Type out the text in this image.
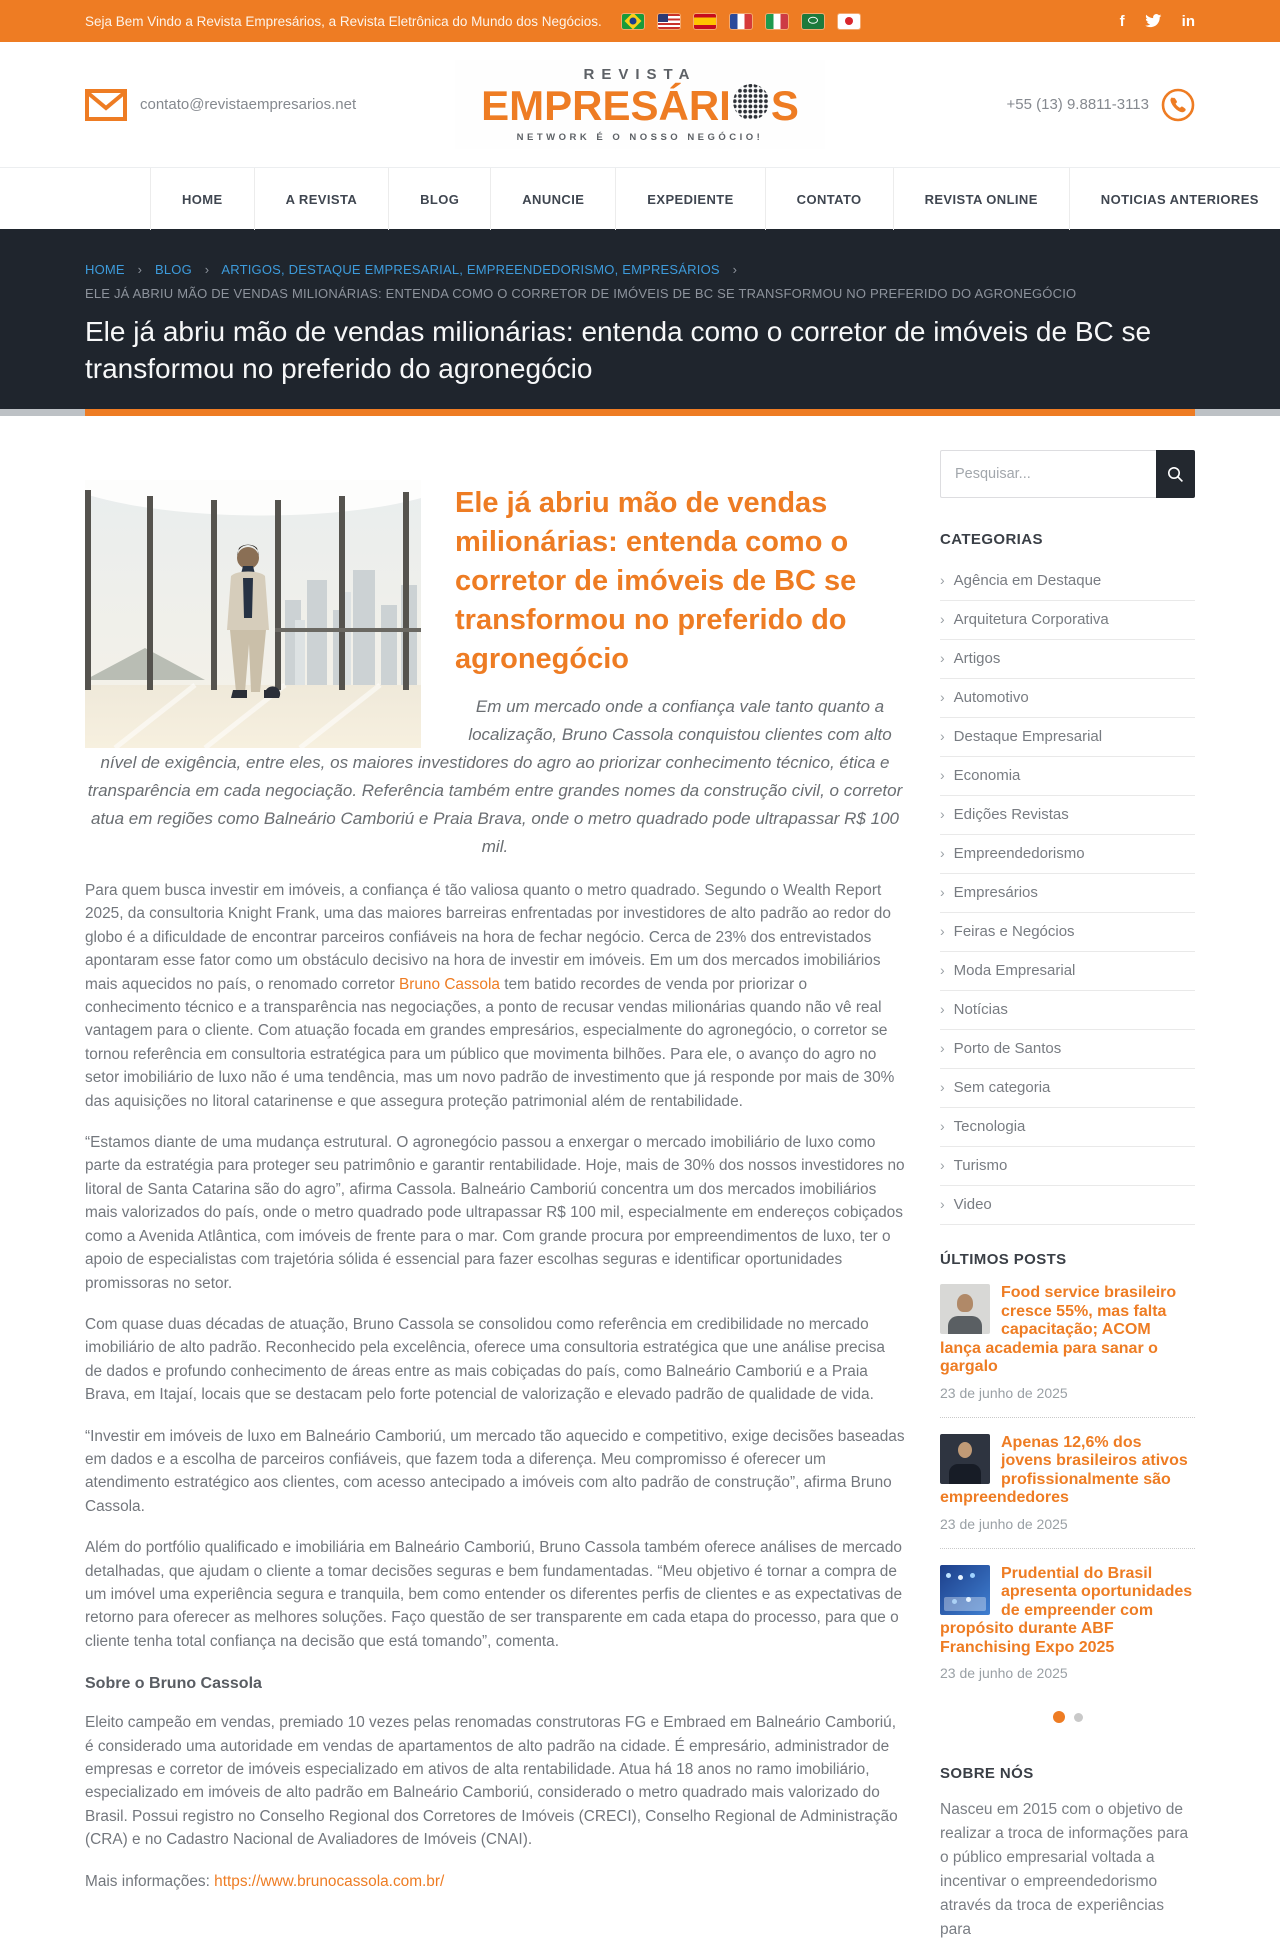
Seja Bem Vindo a Revista Empresários, a Revista Eletrônica do Mundo dos Negócios.	f	in
contato@revistaempresarios.net
REVISTA
EMPRESÁRI S
NETWORK É O NOSSO NEGÓCIO!
+55 (13) 9.8811-3113
HOME	A REVISTA	BLOG	ANUNCIE	EXPEDIENTE	CONTATO	REVISTA ONLINE	NOTICIAS ANTERIORES
HOME › BLOG › ARTIGOS, DESTAQUE EMPRESARIAL, EMPREENDEDORISMO, EMPRESÁRIOS ›
ELE JÁ ABRIU MÃO DE VENDAS MILIONÁRIAS: ENTENDA COMO O CORRETOR DE IMÓVEIS DE BC SE TRANSFORMOU NO PREFERIDO DO AGRONEGÓCIO
Ele já abriu mão de vendas milionárias: entenda como o corretor de imóveis de BC se transformou no preferido do agronegócio
Ele já abriu mão de vendas milionárias: entenda como o corretor de imóveis de BC se transformou no preferido do agronegócio
Em um mercado onde a confiança vale tanto quanto a localização, Bruno Cassola conquistou clientes com alto nível de exigência, entre eles, os maiores investidores do agro ao priorizar conhecimento técnico, ética e transparência em cada negociação. Referência também entre grandes nomes da construção civil, o corretor atua em regiões como Balneário Camboriú e Praia Brava, onde o metro quadrado pode ultrapassar R$ 100 mil.

Para quem busca investir em imóveis, a confiança é tão valiosa quanto o metro quadrado. Segundo o Wealth Report 2025, da consultoria Knight Frank, uma das maiores barreiras enfrentadas por investidores de alto padrão ao redor do globo é a dificuldade de encontrar parceiros confiáveis na hora de fechar negócio. Cerca de 23% dos entrevistados apontaram esse fator como um obstáculo decisivo na hora de investir em imóveis. Em um dos mercados imobiliários mais aquecidos no país, o renomado corretor Bruno Cassola tem batido recordes de venda por priorizar o conhecimento técnico e a transparência nas negociações, a ponto de recusar vendas milionárias quando não vê real vantagem para o cliente. Com atuação focada em grandes empresários, especialmente do agronegócio, o corretor se tornou referência em consultoria estratégica para um público que movimenta bilhões. Para ele, o avanço do agro no setor imobiliário de luxo não é uma tendência, mas um novo padrão de investimento que já responde por mais de 30% das aquisições no litoral catarinense e que assegura proteção patrimonial além de rentabilidade.

“Estamos diante de uma mudança estrutural. O agronegócio passou a enxergar o mercado imobiliário de luxo como parte da estratégia para proteger seu patrimônio e garantir rentabilidade. Hoje, mais de 30% dos nossos investidores no litoral de Santa Catarina são do agro”, afirma Cassola. Balneário Camboriú concentra um dos mercados imobiliários mais valorizados do país, onde o metro quadrado pode ultrapassar R$ 100 mil, especialmente em endereços cobiçados como a Avenida Atlântica, com imóveis de frente para o mar. Com grande procura por empreendimentos de luxo, ter o apoio de especialistas com trajetória sólida é essencial para fazer escolhas seguras e identificar oportunidades promissoras no setor.

Com quase duas décadas de atuação, Bruno Cassola se consolidou como referência em credibilidade no mercado imobiliário de alto padrão. Reconhecido pela excelência, oferece uma consultoria estratégica que une análise precisa de dados e profundo conhecimento de áreas entre as mais cobiçadas do país, como Balneário Camboriú e a Praia Brava, em Itajaí, locais que se destacam pelo forte potencial de valorização e elevado padrão de qualidade de vida.

“Investir em imóveis de luxo em Balneário Camboriú, um mercado tão aquecido e competitivo, exige decisões baseadas em dados e a escolha de parceiros confiáveis, que fazem toda a diferença. Meu compromisso é oferecer um atendimento estratégico aos clientes, com acesso antecipado a imóveis com alto padrão de construção”, afirma Bruno Cassola.

Além do portfólio qualificado e imobiliária em Balneário Camboriú, Bruno Cassola também oferece análises de mercado detalhadas, que ajudam o cliente a tomar decisões seguras e bem fundamentadas. “Meu objetivo é tornar a compra de um imóvel uma experiência segura e tranquila, bem como entender os diferentes perfis de clientes e as expectativas de retorno para oferecer as melhores soluções. Faço questão de ser transparente em cada etapa do processo, para que o cliente tenha total confiança na decisão que está tomando”, comenta.

Sobre o Bruno Cassola

Eleito campeão em vendas, premiado 10 vezes pelas renomadas construtoras FG e Embraed em Balneário Camboriú, é considerado uma autoridade em vendas de apartamentos de alto padrão na cidade. É empresário, administrador de empresas e corretor de imóveis especializado em ativos de alta rentabilidade. Atua há 18 anos no ramo imobiliário, especializado em imóveis de alto padrão em Balneário Camboriú, considerado o metro quadrado mais valorizado do Brasil. Possui registro no Conselho Regional dos Corretores de Imóveis (CRECI), Conselho Regional de Administração (CRA) e no Cadastro Nacional de Avaliadores de Imóveis (CNAI).

Mais informações: https://www.brunocassola.com.br/

Pesquisar...
CATEGORIAS
› Agência em Destaque
› Arquitetura Corporativa
› Artigos
› Automotivo
› Destaque Empresarial
› Economia
› Edições Revistas
› Empreendedorismo
› Empresários
› Feiras e Negócios
› Moda Empresarial
› Notícias
› Porto de Santos
› Sem categoria
› Tecnologia
› Turismo
› Video
ÚLTIMOS POSTS
Food service brasileiro cresce 55%, mas falta capacitação; ACOM lança academia para sanar o gargalo
23 de junho de 2025
Apenas 12,6% dos jovens brasileiros ativos profissionalmente são empreendedores
23 de junho de 2025
Prudential do Brasil apresenta oportunidades de empreender com propósito durante ABF Franchising Expo 2025
23 de junho de 2025
SOBRE NÓS
Nasceu em 2015 com o objetivo de realizar a troca de informações para o público empresarial voltada a incentivar o empreendedorismo através da troca de experiências para
